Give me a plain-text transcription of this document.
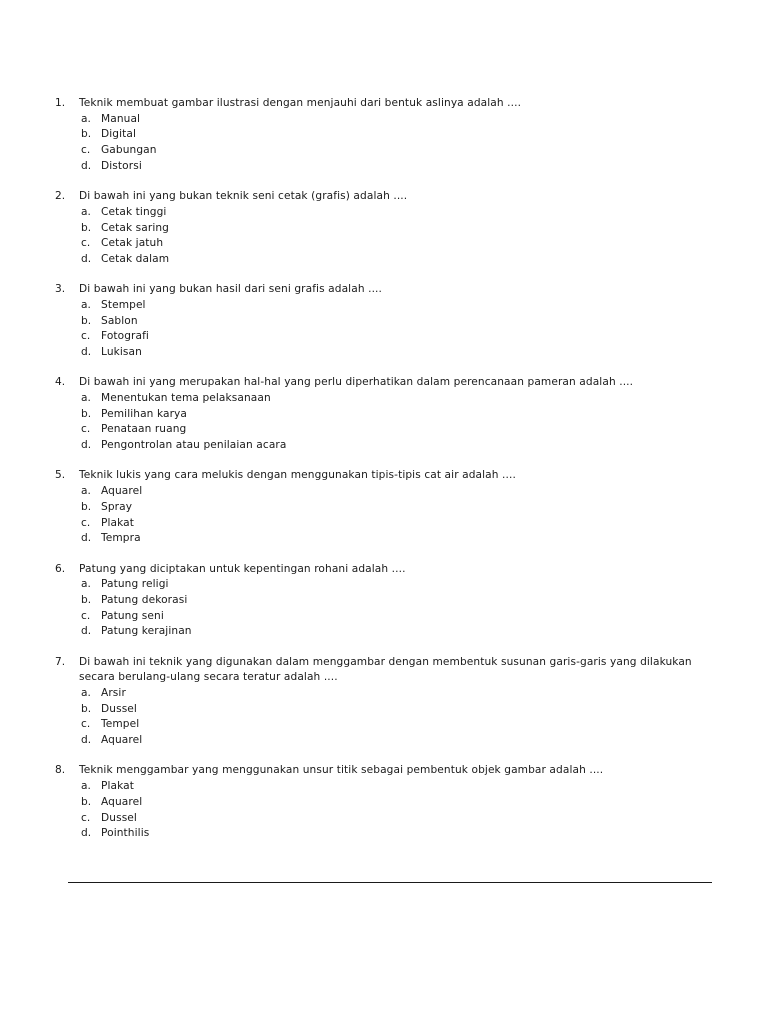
1.	Teknik membuat gambar ilustrasi dengan menjauhi dari bentuk aslinya adalah ....
a. Manual
b. Digital
c.	Gabungan
d. Distorsi
2.	Di bawah ini yang bukan teknik seni cetak (grafis) adalah ....
a. Cetak tinggi
b. Cetak saring
c.	Cetak jatuh
d. Cetak dalam
3.	Di bawah ini yang bukan hasil dari seni grafis adalah ....
a. Stempel
b. Sablon
c.	Fotografi
d. Lukisan
4.	Di bawah ini yang merupakan hal-hal yang perlu diperhatikan dalam perencanaan pameran adalah ....
a. Menentukan tema pelaksanaan
b. Pemilihan karya
c.	Penataan ruang
d. Pengontrolan atau penilaian acara
5.	Teknik lukis yang cara melukis dengan menggunakan tipis-tipis cat air adalah ....
a. Aquarel
b. Spray
c.	Plakat
d. Tempra
6.	Patung yang diciptakan untuk kepentingan rohani adalah ....
a. Patung religi
b. Patung dekorasi
c.	Patung seni
d. Patung kerajinan
7.	Di bawah ini teknik yang digunakan dalam menggambar dengan membentuk susunan garis-garis yang dilakukan secara berulang-ulang secara teratur adalah ....
a. Arsir
b. Dussel
c.	Tempel
d. Aquarel
8.	Teknik menggambar yang menggunakan unsur titik sebagai pembentuk objek gambar adalah ....
a. Plakat
b. Aquarel
c.	Dussel
d. Pointhilis
